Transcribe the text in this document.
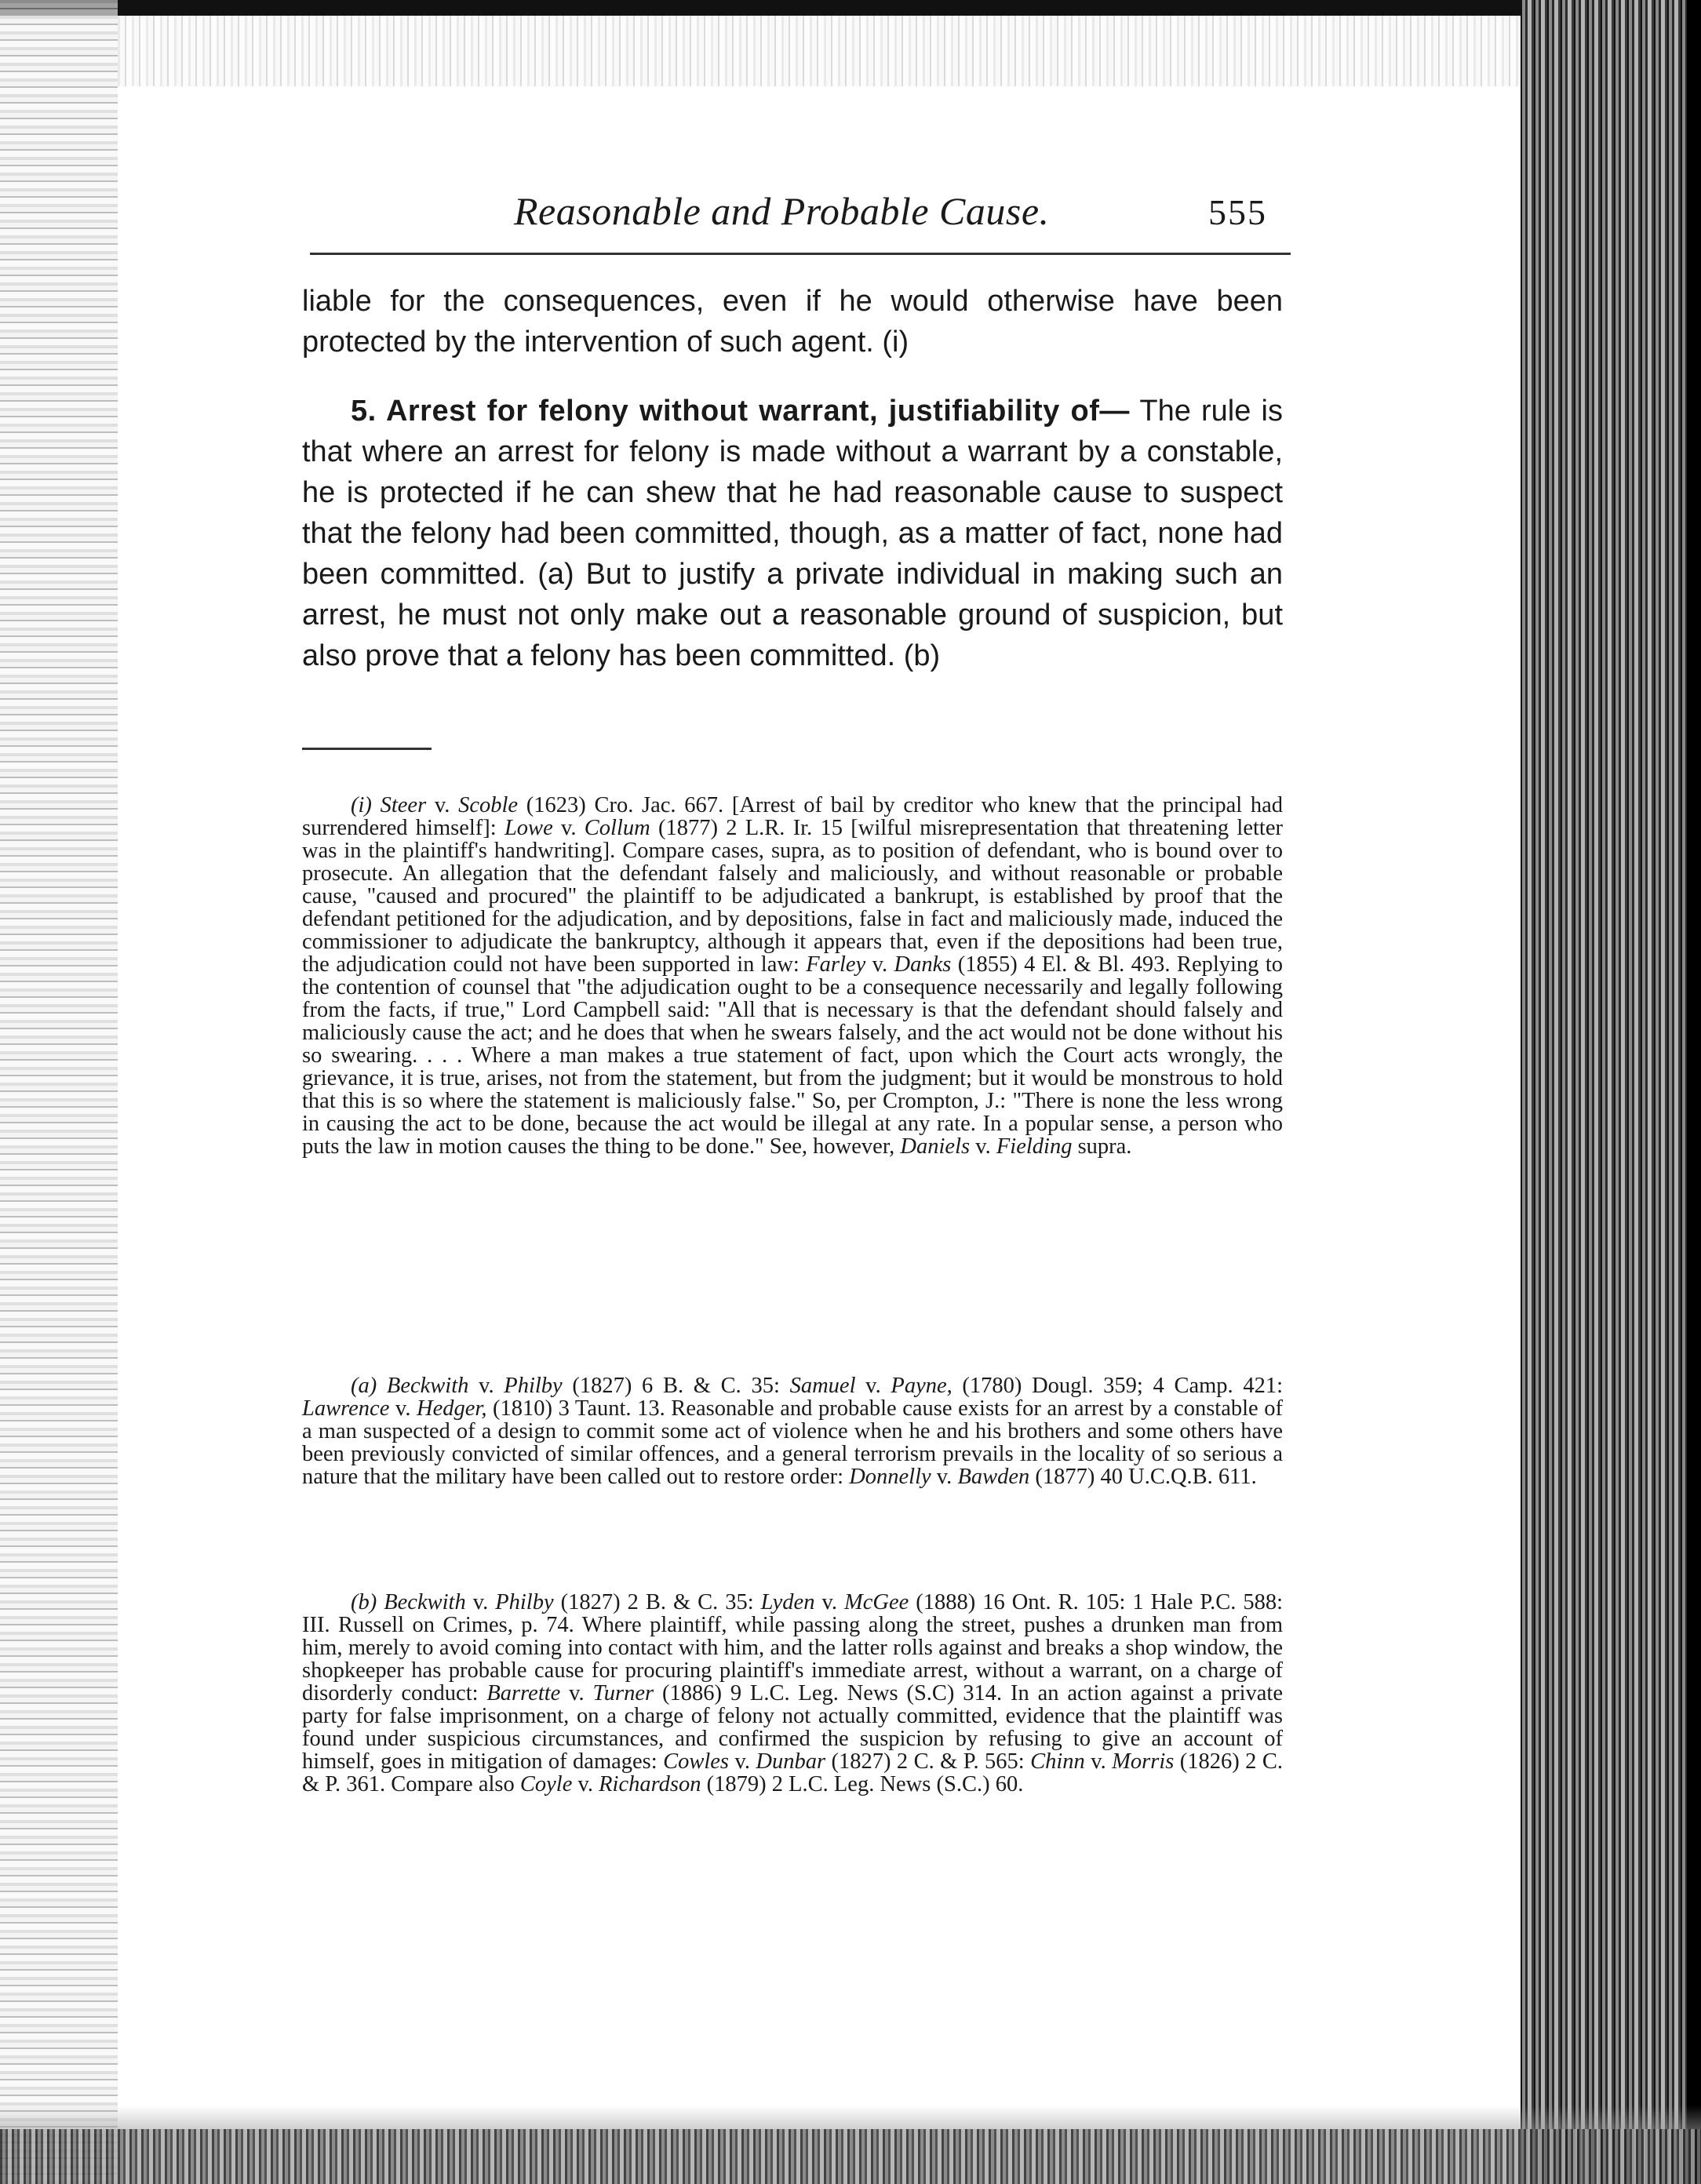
Reasonable and Probable Cause.	555

liable for the consequences, even if he would otherwise have been protected by the intervention of such agent. (i)

5. Arrest for felony without warrant, justifiability of— The rule is that where an arrest for felony is made without a warrant by a constable, he is protected if he can shew that he had reasonable cause to suspect that the felony had been committed, though, as a matter of fact, none had been committed. (a) But to justify a private individual in making such an arrest, he must not only make out a reasonable ground of suspicion, but also prove that a felony has been committed. (b)

(i) Steer v. Scoble (1623) Cro. Jac. 667. [Arrest of bail by creditor who knew that the principal had surrendered himself]: Lowe v. Collum (1877) 2 L.R. Ir. 15 [wilful misrepresentation that threatening letter was in the plaintiff's handwriting]. Compare cases, supra, as to position of defendant, who is bound over to prosecute. An allegation that the defendant falsely and maliciously, and without reasonable or probable cause, "caused and procured" the plaintiff to be adjudicated a bankrupt, is established by proof that the defendant petitioned for the adjudication, and by depositions, false in fact and maliciously made, induced the commissioner to adjudicate the bankruptcy, although it appears that, even if the depositions had been true, the adjudication could not have been supported in law: Farley v. Danks (1855) 4 El. & Bl. 493. Replying to the contention of counsel that "the adjudication ought to be a consequence necessarily and legally following from the facts, if true," Lord Campbell said: "All that is necessary is that the defendant should falsely and maliciously cause the act; and he does that when he swears falsely, and the act would not be done without his so swearing. . . . Where a man makes a true statement of fact, upon which the Court acts wrongly, the grievance, it is true, arises, not from the statement, but from the judgment; but it would be monstrous to hold that this is so where the statement is maliciously false." So, per Crompton, J.: "There is none the less wrong in causing the act to be done, because the act would be illegal at any rate. In a popular sense, a person who puts the law in motion causes the thing to be done." See, however, Daniels v. Fielding supra.

(a) Beckwith v. Philby (1827) 6 B. & C. 35: Samuel v. Payne, (1780) Dougl. 359; 4 Camp. 421: Lawrence v. Hedger, (1810) 3 Taunt. 13. Reasonable and probable cause exists for an arrest by a constable of a man suspected of a design to commit some act of violence when he and his brothers and some others have been previously convicted of similar offences, and a general terrorism prevails in the locality of so serious a nature that the military have been called out to restore order: Donnelly v. Bawden (1877) 40 U.C.Q.B. 611.

(b) Beckwith v. Philby (1827) 2 B. & C. 35: Lyden v. McGee (1888) 16 Ont. R. 105: 1 Hale P.C. 588: III. Russell on Crimes, p. 74. Where plaintiff, while passing along the street, pushes a drunken man from him, merely to avoid coming into contact with him, and the latter rolls against and breaks a shop window, the shopkeeper has probable cause for procuring plaintiff's immediate arrest, without a warrant, on a charge of disorderly conduct: Barrette v. Turner (1886) 9 L.C. Leg. News (S.C) 314. In an action against a private party for false imprisonment, on a charge of felony not actually committed, evidence that the plaintiff was found under suspicious circumstances, and confirmed the suspicion by refusing to give an account of himself, goes in mitigation of damages: Cowles v. Dunbar (1827) 2 C. & P. 565: Chinn v. Morris (1826) 2 C. & P. 361. Compare also Coyle v. Richardson (1879) 2 L.C. Leg. News (S.C.) 60.
